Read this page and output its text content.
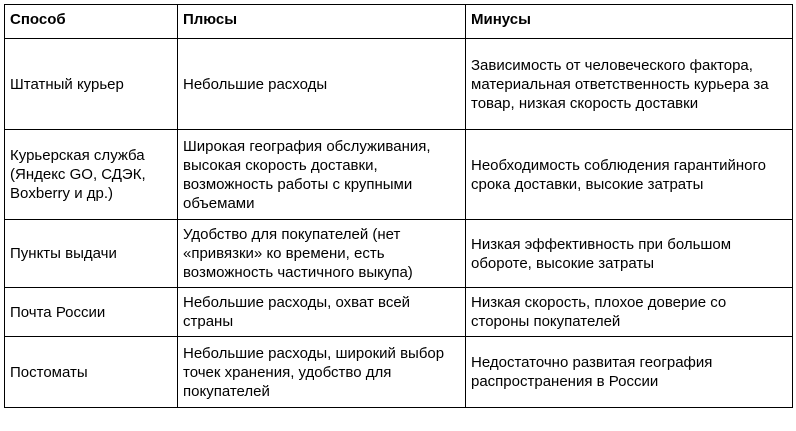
Способ	Плюсы	Минусы
Штатный курьер	Небольшие расходы	Зависимость от человеческого фактора, материальная ответственность курьера за товар, низкая скорость доставки
Курьерская служба (Яндекс GO, СДЭК, Boxberry и др.)	Широкая география обслуживания, высокая скорость доставки, возможность работы с крупными объемами	Необходимость соблюдения гарантийного срока доставки, высокие затраты
Пункты выдачи	Удобство для покупателей (нет «привязки» ко времени, есть возможность частичного выкупа)	Низкая эффективность при большом обороте, высокие затраты
Почта России	Небольшие расходы, охват всей страны	Низкая скорость, плохое доверие со стороны покупателей
Постоматы	Небольшие расходы, широкий выбор точек хранения, удобство для покупателей	Недостаточно развитая география распространения в России
